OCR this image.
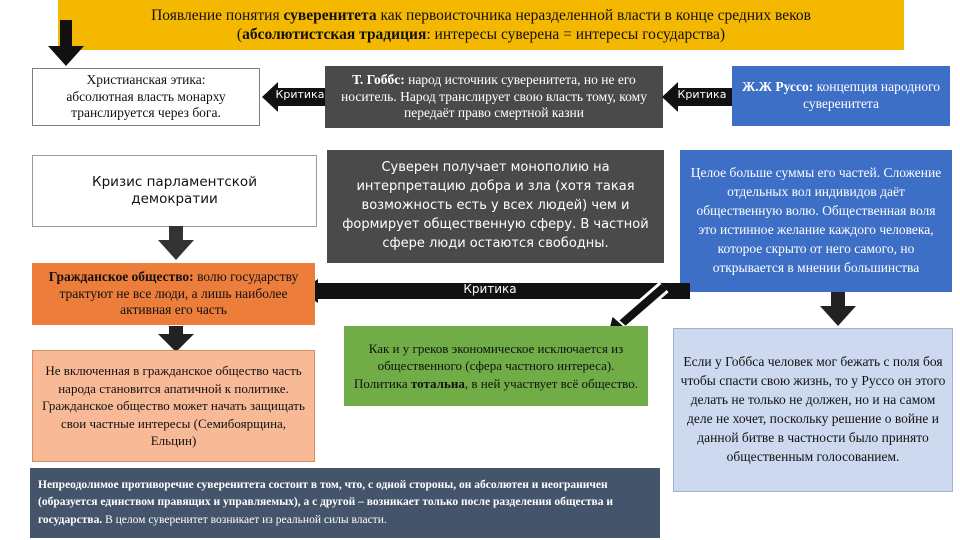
Появление понятия суверенитета как первоисточника неразделенной власти в конце средних веков
(абсолютистская традиция: интересы суверена = интересы государства)
Христианская этика:
абсолютная власть монарху транслируется через бога.
Критика
Т. Гоббс: народ источник суверенитета, но не его носитель. Народ транслирует свою власть тому, кому передаёт право смертной казни
Критика
Ж.Ж Руссо: концепция народного суверенитета
Кризис парламентской демократии
Суверен получает монополию на интерпретацию добра и зла (хотя такая возможность есть у всех людей) чем и формирует общественную сферу. В частной сфере люди остаются свободны.
Целое больше суммы его частей. Сложение отдельных вол индивидов даёт общественную волю. Общественная воля это истинное желание каждого человека, которое скрыто от него самого, но открывается в мнении большинства
Критика
Гражданское общество: волю государству трактуют не все люди, а лишь наиболее активная его часть
Не включенная в гражданское общество часть народа становится апатичной к политике. Гражданское общество может начать защищать свои частные интересы (Семибоярщина, Ельцин)
Как и у греков экономическое исключается из общественного (сфера частного интереса). Политика тотальна, в ней участвует всё общество.
Если у Гоббса человек мог бежать с поля боя чтобы спасти свою жизнь, то у Руссо он этого делать не только не должен, но и на самом деле не хочет, поскольку решение о войне и данной битве в частности было принято общественным голосованием.
Непреодолимое противоречие суверенитета состоит в том, что, с одной стороны, он абсолютен и неограничен (образуется единством правящих и управляемых), а с другой – возникает только после разделения общества и государства. В целом суверенитет возникает из реальной силы власти.
